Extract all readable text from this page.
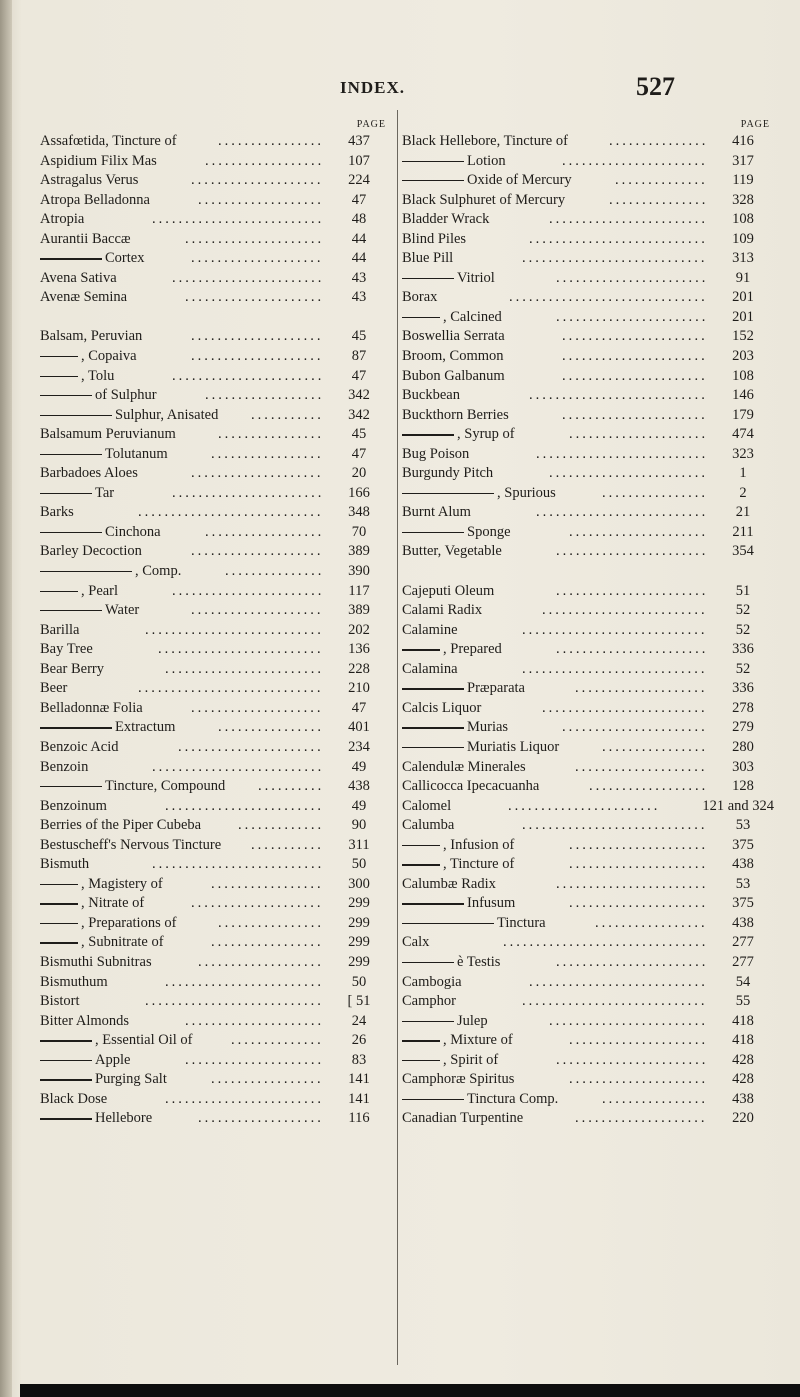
INDEX.	527
PAGE
Assafœtida, Tincture of	437
................
Aspidium Filix Mas	107
..................
Astragalus Verus	224
....................
Atropa Belladonna	47
...................
Atropia	48
..........................
Aurantii Baccæ	44
.....................
Cortex	44
....................
Avena Sativa	43
.......................
Avenæ Semina	43
.....................
Balsam, Peruvian	45
....................
, Copaiva	87
....................
, Tolu	47
.......................
of Sulphur	342
..................
Sulphur, Anisated	342
...........
Balsamum Peruvianum	45
................
Tolutanum	47
.................
Barbadoes Aloes	20
....................
Tar	166
.......................
Barks	348
............................
Cinchona	70
..................
Barley Decoction	389
....................
, Comp.	390
...............
, Pearl	117
.......................
Water	389
....................
Barilla	202
...........................
Bay Tree	136
.........................
Bear Berry	228
........................
Beer	210
............................
Belladonnæ Folia	47
....................
Extractum	401
................
Benzoic Acid	234
......................
Benzoin	49
..........................
Tincture, Compound	438
..........
Benzoinum	49
........................
Berries of the Piper Cubeba	90
.............
Bestuscheff's Nervous Tincture	311
...........
Bismuth	50
..........................
, Magistery of	300
.................
, Nitrate of	299
....................
, Preparations of	299
................
, Subnitrate of	299
.................
Bismuthi Subnitras	299
...................
Bismuthum	50
........................
Bistort	[ 51
...........................
Bitter Almonds	24
.....................
, Essential Oil of	26
..............
Apple	83
.....................
Purging Salt	141
.................
Black Dose	141
........................
Hellebore	116
...................
PAGE
Black Hellebore, Tincture of	416
...............
Lotion	317
......................
Oxide of Mercury	119
..............
Black Sulphuret of Mercury	328
...............
Bladder Wrack	108
........................
Blind Piles	109
...........................
Blue Pill	313
............................
Vitriol	91
.......................
Borax	201
..............................
, Calcined	201
.......................
Boswellia Serrata	152
......................
Broom, Common	203
......................
Bubon Galbanum	108
......................
Buckbean	146
...........................
Buckthorn Berries	179
......................
, Syrup of	474
.....................
Bug Poison	323
..........................
Burgundy Pitch	1
........................
, Spurious	2
................
Burnt Alum	21
..........................
Sponge	211
.....................
Butter, Vegetable	354
.......................
Cajeputi Oleum	51
.......................
Calami Radix	52
.........................
Calamine	52
............................
, Prepared	336
.......................
Calamina	52
............................
Præparata	336
....................
Calcis Liquor	278
.........................
Murias	279
......................
Muriatis Liquor	280
................
Calendulæ Minerales	303
....................
Callicocca Ipecacuanha	128
..................
Calomel	121 and 324
.......................
Calumba	53
............................
, Infusion of	375
.....................
, Tincture of	438
.....................
Calumbæ Radix	53
.......................
Infusum	375
.....................
Tinctura	438
.................
Calx	277
...............................
è Testis	277
.......................
Cambogia	54
...........................
Camphor	55
............................
Julep	418
........................
, Mixture of	418
.....................
, Spirit of	428
.......................
Camphoræ Spiritus	428
.....................
Tinctura Comp.	438
................
Canadian Turpentine	220
....................
